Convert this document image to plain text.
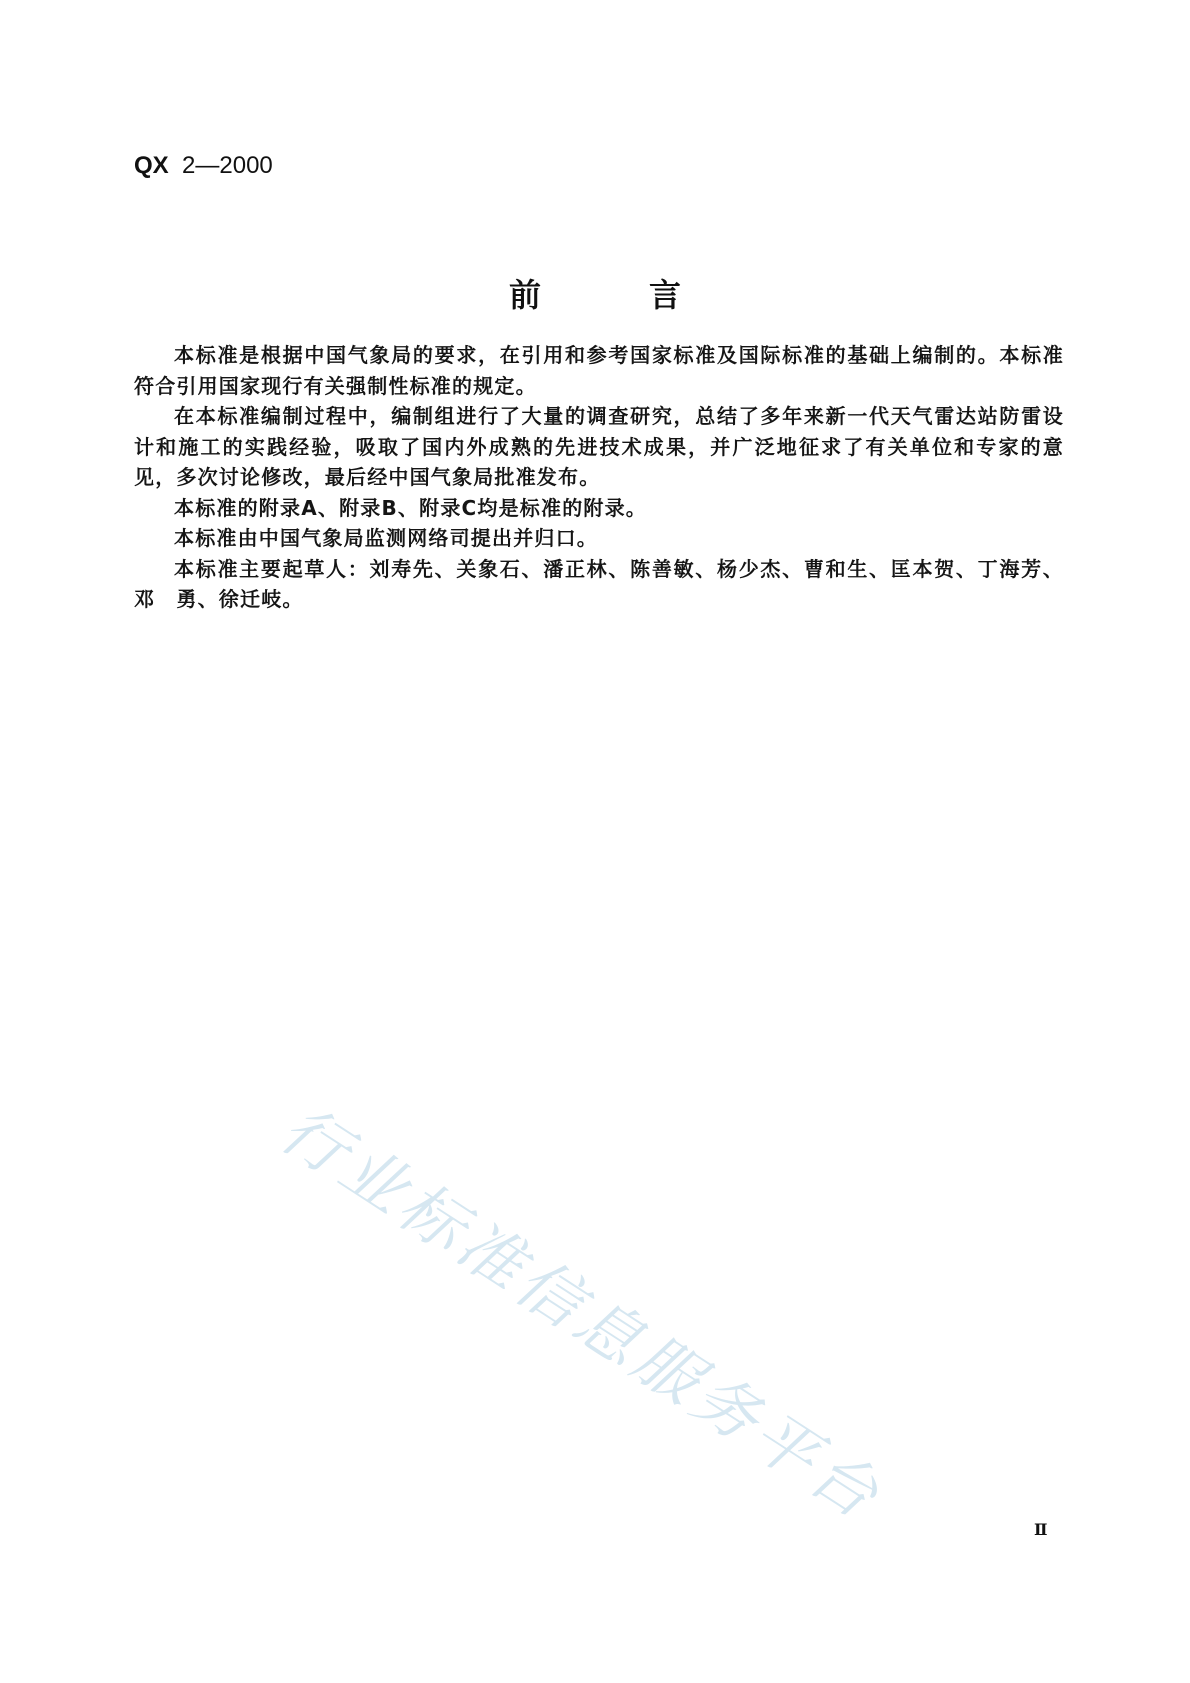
QX 2—2000
前	言

本标准是根据中国气象局的要求，在引用和参考国家标准及国际标准的基础上编制的。本标准符合引用国家现行有关强制性标准的规定。

在本标准编制过程中，编制组进行了大量的调查研究，总结了多年来新一代天气雷达站防雷设计和施工的实践经验，吸取了国内外成熟的先进技术成果，并广泛地征求了有关单位和专家的意见，多次讨论修改，最后经中国气象局批准发布。

本标准的附录A、附录B、附录C均是标准的附录。

本标准由中国气象局监测网络司提出并归口。

本标准主要起草人：刘寿先、关象石、潘正林、陈善敏、杨少杰、曹和生、匡本贺、丁海芳、邓　勇、徐迁岐。

行业标准信息服务平台	Ⅱ
